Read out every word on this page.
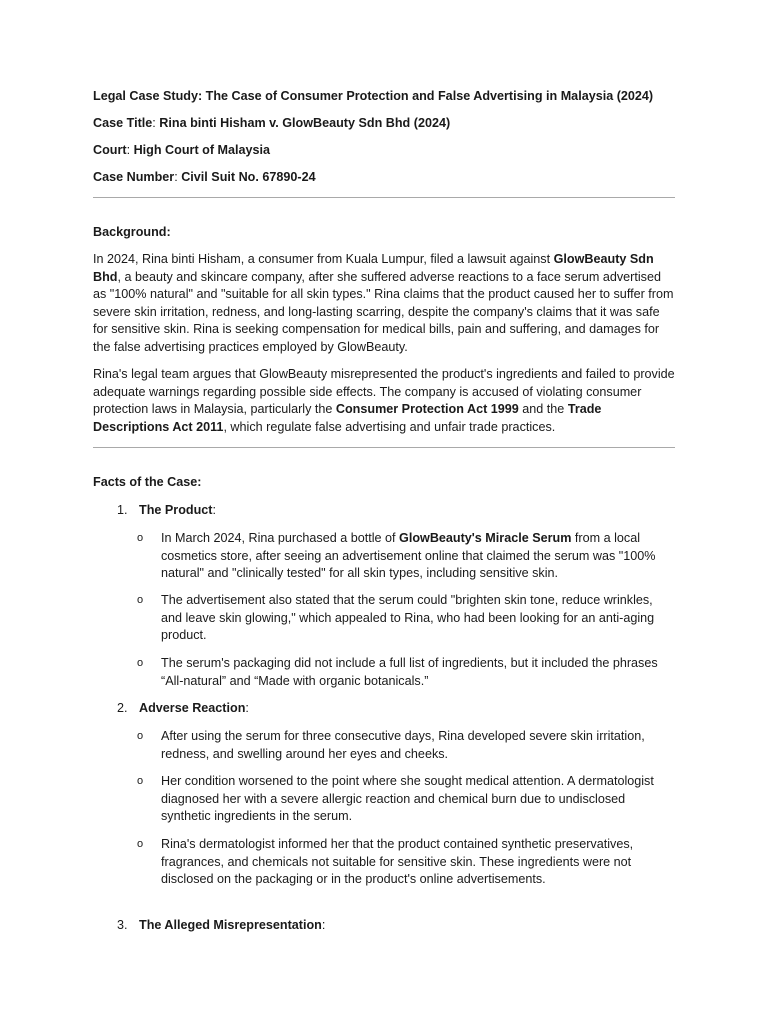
Legal Case Study: The Case of Consumer Protection and False Advertising in Malaysia (2024)
Case Title: Rina binti Hisham v. GlowBeauty Sdn Bhd (2024)
Court: High Court of Malaysia
Case Number: Civil Suit No. 67890-24
Background:

In 2024, Rina binti Hisham, a consumer from Kuala Lumpur, filed a lawsuit against GlowBeauty Sdn Bhd, a beauty and skincare company, after she suffered adverse reactions to a face serum advertised as "100% natural" and "suitable for all skin types." Rina claims that the product caused her to suffer from severe skin irritation, redness, and long-lasting scarring, despite the company's claims that it was safe for sensitive skin. Rina is seeking compensation for medical bills, pain and suffering, and damages for the false advertising practices employed by GlowBeauty.

Rina's legal team argues that GlowBeauty misrepresented the product's ingredients and failed to provide adequate warnings regarding possible side effects. The company is accused of violating consumer protection laws in Malaysia, particularly the Consumer Protection Act 1999 and the Trade Descriptions Act 2011, which regulate false advertising and unfair trade practices.

Facts of the Case:
1. The Product:
o In March 2024, Rina purchased a bottle of GlowBeauty's Miracle Serum from a local cosmetics store, after seeing an advertisement online that claimed the serum was "100% natural" and "clinically tested" for all skin types, including sensitive skin.
o The advertisement also stated that the serum could "brighten skin tone, reduce wrinkles, and leave skin glowing," which appealed to Rina, who had been looking for an anti-aging product.
o The serum's packaging did not include a full list of ingredients, but it included the phrases “All-natural” and “Made with organic botanicals.”
2. Adverse Reaction:
o After using the serum for three consecutive days, Rina developed severe skin irritation, redness, and swelling around her eyes and cheeks.
o Her condition worsened to the point where she sought medical attention. A dermatologist diagnosed her with a severe allergic reaction and chemical burn due to undisclosed synthetic ingredients in the serum.
o Rina's dermatologist informed her that the product contained synthetic preservatives, fragrances, and chemicals not suitable for sensitive skin. These ingredients were not disclosed on the packaging or in the product's online advertisements.
3. The Alleged Misrepresentation:
